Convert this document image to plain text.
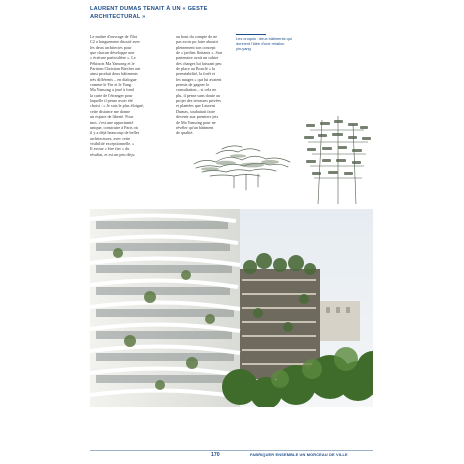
LAURENT DUMAS TENAIT À UN « GESTE ARCHITECTURAL »
Le maître d'ouvrage de l'îlot
C2 a longuement discuté avec
les deux architectes pour
que chacun développe une
« écriture particulière ». Le
Pékinois Ma Yansong et le
Parisien Christian Biecher ont
ainsi produit deux bâtiments
très différents – en dialogue
comme le Yin et le Yang.
Ma Yansong a joué à fond
la carte de l'étranger pour
laquelle il pense avoir été
choisi : « Je suis le plus éloigné,
cette distance me donne
un espace de liberté. Pour
moi, c'est une opportunité
unique, construire à Paris où
il y a déjà beaucoup de belles
architectures, avec cette
visibilité exceptionnelle. »
Il avoue « être fier » du
résultat, et est un peu déçu
au bout du compte de ne
pas avoir pu faire aboutir
pleinement son concept
de « jardins flottants ». Son
partenaire avait un cahier
des charges lui laissant peu
de place au Bouclé « la
perméabilité, la forêt et
les nuages » qui lui avaient
permis de gagner la
consultation – si cela ne
plu, il pense sans doute au
projet des terrasses privées
et plantées que Laurent
Dumas, souhaitait faire
devenir aux premiers jets
de Ma Yansong pour ne
révéler qu'un bâtiment
de qualité.
Les croquis : deux bâtiments qui
donnent l'idée d'une relation
yin-yang
170	FABRIQUER ENSEMBLE UN MORCEAU DE VILLE
